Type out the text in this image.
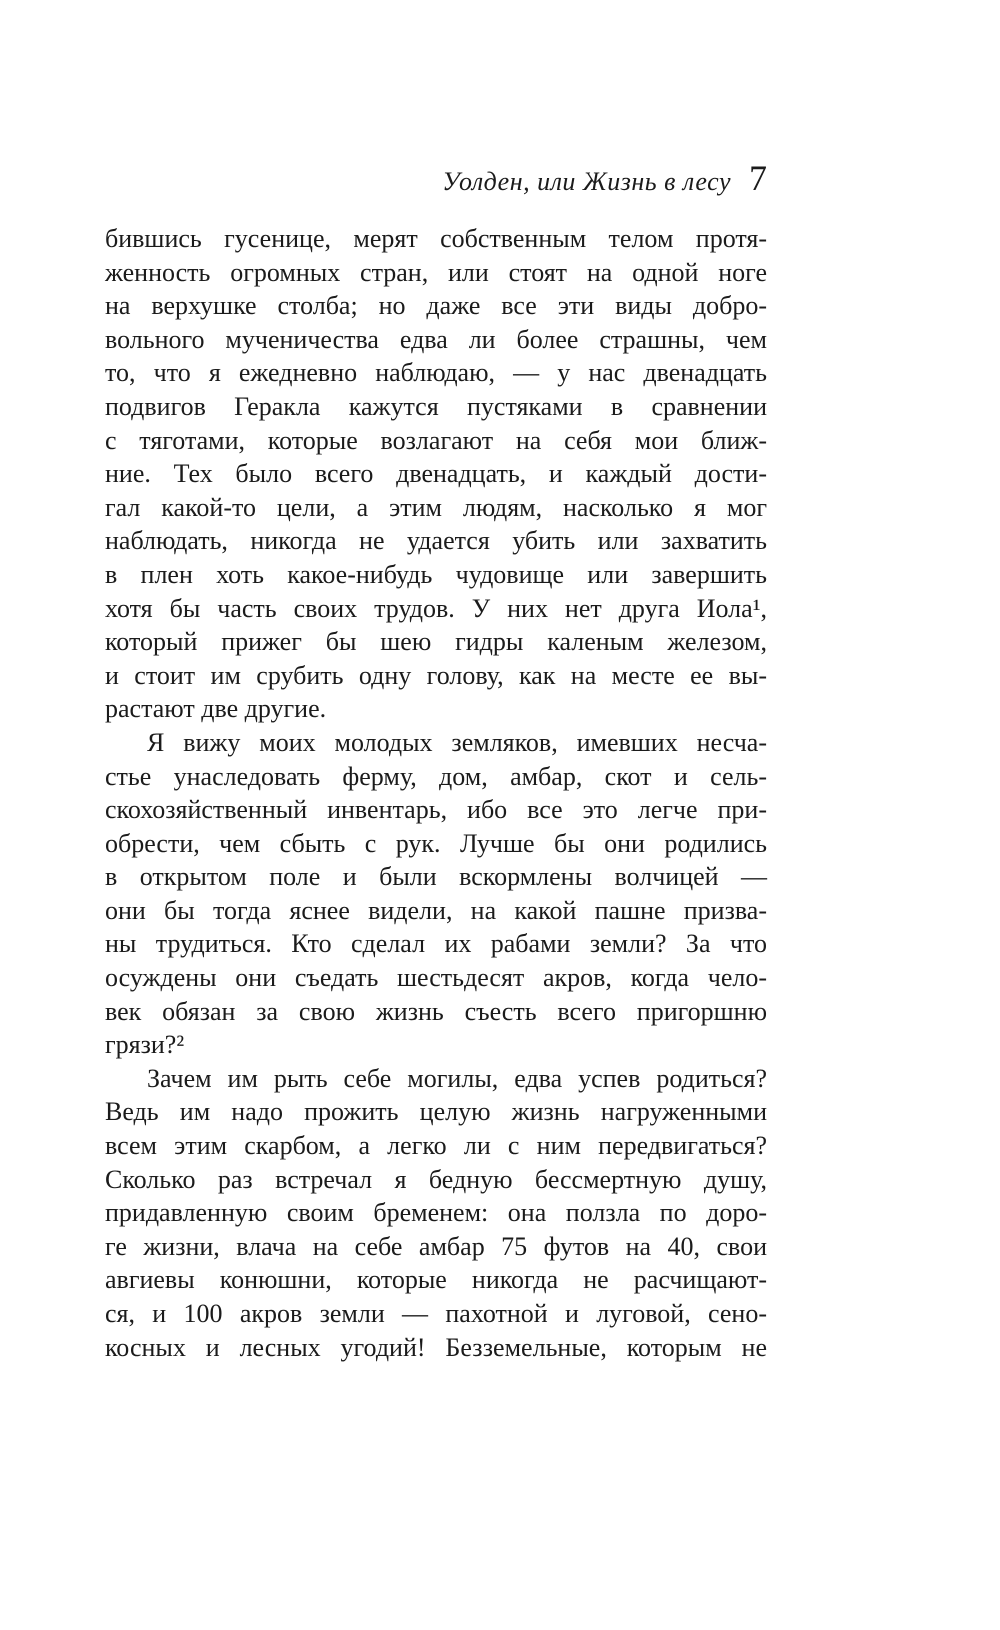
Уолден, или Жизнь в лесу 7
бившись гусенице, мерят собственным телом протя-
женность огромных стран, или стоят на одной ноге
на верхушке столба; но даже все эти виды добро-
вольного мученичества едва ли более страшны, чем
то, что я ежедневно наблюдаю, — у нас двенадцать
подвигов Геракла кажутся пустяками в сравнении
с тяготами, которые возлагают на себя мои ближ-
ние. Тех было всего двенадцать, и каждый дости-
гал какой-то цели, а этим людям, насколько я мог
наблюдать, никогда не удается убить или захватить
в плен хоть какое-нибудь чудовище или завершить
хотя бы часть своих трудов. У них нет друга Иола¹,
который прижег бы шею гидры каленым железом,
и стоит им срубить одну голову, как на месте ее вы-
растают две другие.
Я вижу моих молодых земляков, имевших несча-
стье унаследовать ферму, дом, амбар, скот и сель-
скохозяйственный инвентарь, ибо все это легче при-
обрести, чем сбыть с рук. Лучше бы они родились
в открытом поле и были вскормлены волчицей —
они бы тогда яснее видели, на какой пашне призва-
ны трудиться. Кто сделал их рабами земли? За что
осуждены они съедать шестьдесят акров, когда чело-
век обязан за свою жизнь съесть всего пригоршню
грязи?²
Зачем им рыть себе могилы, едва успев родиться?
Ведь им надо прожить целую жизнь нагруженными
всем этим скарбом, а легко ли с ним передвигаться?
Сколько раз встречал я бедную бессмертную душу,
придавленную своим бременем: она ползла по доро-
ге жизни, влача на себе амбар 75 футов на 40, свои
авгиевы конюшни, которые никогда не расчищают-
ся, и 100 акров земли — пахотной и луговой, сено-
косных и лесных угодий! Безземельные, которым не
